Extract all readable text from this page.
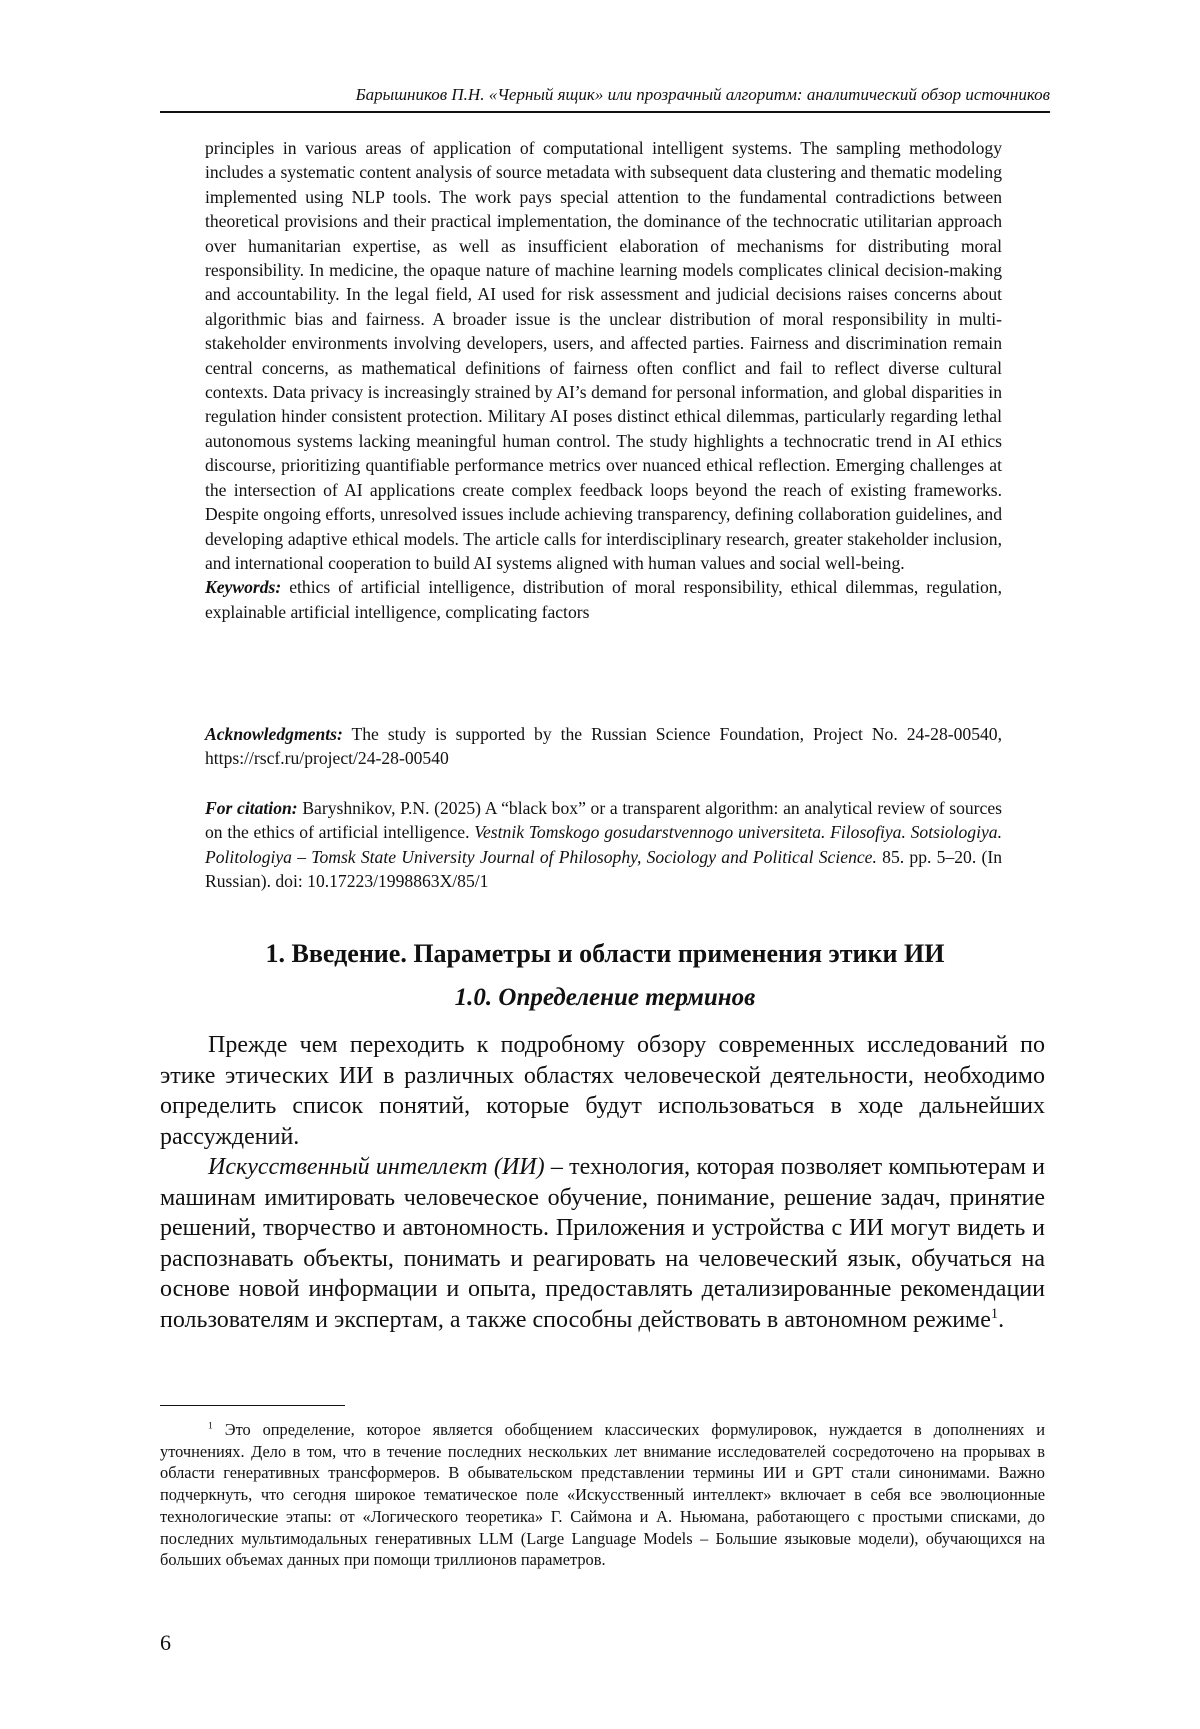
Барышников П.Н. «Черный ящик» или прозрачный алгоритм: аналитический обзор источников

principles in various areas of application of computational intelligent systems. The sampling methodology includes a systematic content analysis of source metadata with subsequent data clustering and thematic modeling implemented using NLP tools. The work pays special attention to the fundamental contradictions between theoretical provisions and their practical implementation, the dominance of the technocratic utilitarian approach over humanitarian expertise, as well as insufficient elaboration of mechanisms for distributing moral responsibility. In medicine, the opaque nature of machine learning models complicates clinical decision-making and accountability. In the legal field, AI used for risk assessment and judicial decisions raises concerns about algorithmic bias and fairness. A broader issue is the unclear distribution of moral responsibility in multi-stakeholder environments involving developers, users, and affected parties. Fairness and discrimination remain central concerns, as mathematical definitions of fairness often conflict and fail to reflect diverse cultural contexts. Data privacy is increasingly strained by AI’s demand for personal information, and global disparities in regulation hinder consistent protection. Military AI poses distinct ethical dilemmas, particularly regarding lethal autonomous systems lacking meaningful human control. The study highlights a technocratic trend in AI ethics discourse, prioritizing quantifiable performance metrics over nuanced ethical reflection. Emerging challenges at the intersection of AI applications create complex feedback loops beyond the reach of existing frameworks. Despite ongoing efforts, unresolved issues include achieving transparency, defining collaboration guidelines, and developing adaptive ethical models. The article calls for interdisciplinary research, greater stakeholder inclusion, and international cooperation to build AI systems aligned with human values and social well-being.

Keywords: ethics of artificial intelligence, distribution of moral responsibility, ethical dilemmas, regulation, explainable artificial intelligence, complicating factors

Acknowledgments: The study is supported by the Russian Science Foundation, Project No. 24-28-00540, https://rscf.ru/project/24-28-00540
For citation: Baryshnikov, P.N. (2025) A “black box” or a transparent algorithm: an analytical review of sources on the ethics of artificial intelligence. Vestnik Tomskogo gosudarstvennogo universiteta. Filosofiya. Sotsiologiya. Politologiya – Tomsk State University Journal of Philosophy, Sociology and Political Science. 85. pp. 5–20. (In Russian). doi: 10.17223/1998863X/85/1
1. Введение. Параметры и области применения этики ИИ
1.0. Определение терминов

Прежде чем переходить к подробному обзору современных исследований по этике этических ИИ в различных областях человеческой деятельности, необходимо определить список понятий, которые будут использоваться в ходе дальнейших рассуждений.

Искусственный интеллект (ИИ) – технология, которая позволяет компьютерам и машинам имитировать человеческое обучение, понимание, решение задач, принятие решений, творчество и автономность. Приложения и устройства с ИИ могут видеть и распознавать объекты, понимать и реагировать на человеческий язык, обучаться на основе новой информации и опыта, предоставлять детализированные рекомендации пользователям и экспертам, а также способны действовать в автономном режиме$^1$.

$^1$ Это определение, которое является обобщением классических формулировок, нуждается в дополнениях и уточнениях. Дело в том, что в течение последних нескольких лет внимание исследователей сосредоточено на прорывах в области генеративных трансформеров. В обывательском представлении термины ИИ и GPT стали синонимами. Важно подчеркнуть, что сегодня широкое тематическое поле «Искусственный интеллект» включает в себя все эволюционные технологические этапы: от «Логического теоретика» Г. Саймона и А. Ньюмана, работающего с простыми списками, до последних мультимодальных генеративных LLM (Large Language Models – Большие языковые модели), обучающихся на больших объемах данных при помощи триллионов параметров.

6
